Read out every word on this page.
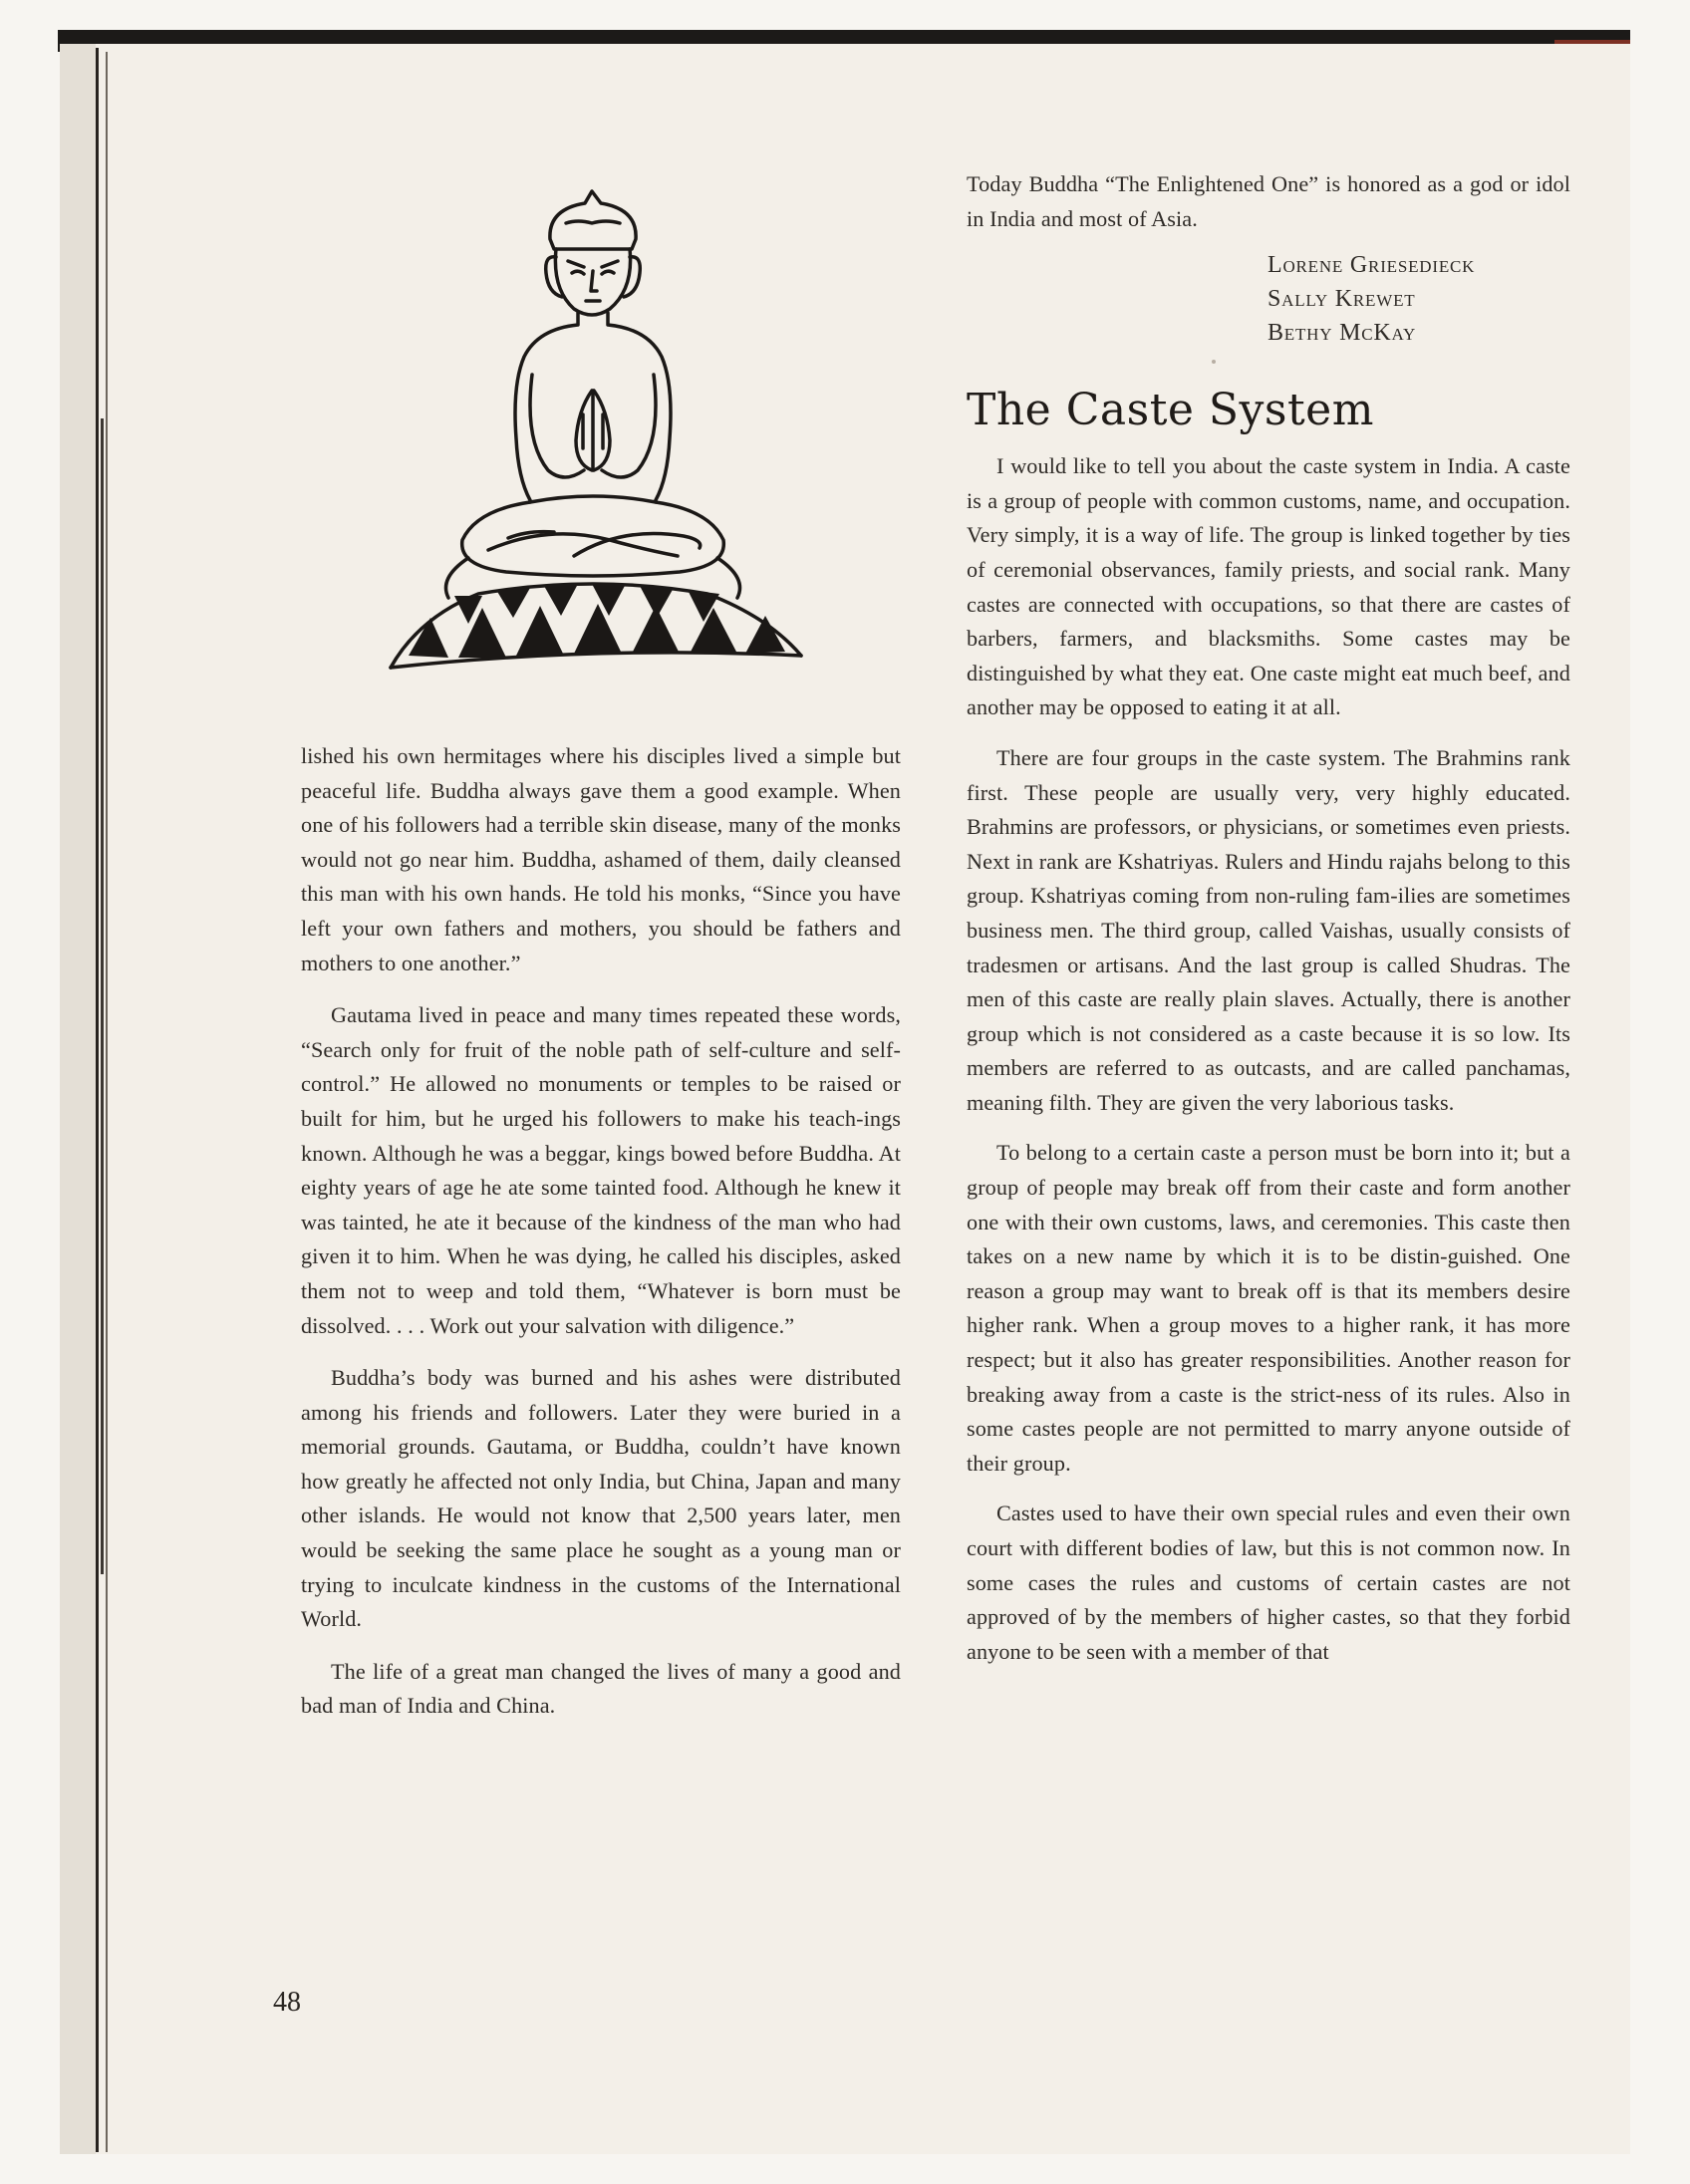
lished his own hermitages where his disciples lived a simple but peaceful life. Buddha always gave them a good example. When one of his followers had a terrible skin disease, many of the monks would not go near him. Buddha, ashamed of them, daily cleansed this man with his own hands. He told his monks, “Since you have left your own fathers and mothers, you should be fathers and mothers to one another.”

Gautama lived in peace and many times repeated these words, “Search only for fruit of the noble path of self-culture and self-control.” He allowed no monuments or temples to be raised or built for him, but he urged his followers to make his teach-ings known. Although he was a beggar, kings bowed before Buddha. At eighty years of age he ate some tainted food. Although he knew it was tainted, he ate it because of the kindness of the man who had given it to him. When he was dying, he called his disciples, asked them not to weep and told them, “Whatever is born must be dissolved. . . . Work out your salvation with diligence.”

Buddha’s body was burned and his ashes were distributed among his friends and followers. Later they were buried in a memorial grounds. Gautama, or Buddha, couldn’t have known how greatly he affected not only India, but China, Japan and many other islands. He would not know that 2,500 years later, men would be seeking the same place he sought as a young man or trying to inculcate kindness in the customs of the International World.

The life of a great man changed the lives of many a good and bad man of India and China.

Today Buddha “The Enlightened One” is honored as a god or idol in India and most of Asia.

Lorene Griesedieck
Sally Krewet
Bethy McKay
The Caste System

I would like to tell you about the caste system in India. A caste is a group of people with common customs, name, and occupation. Very simply, it is a way of life. The group is linked together by ties of ceremonial observances, family priests, and social rank. Many castes are connected with occupations, so that there are castes of barbers, farmers, and blacksmiths. Some castes may be distinguished by what they eat. One caste might eat much beef, and another may be opposed to eating it at all.

There are four groups in the caste system. The Brahmins rank first. These people are usually very, very highly educated. Brahmins are professors, or physicians, or sometimes even priests. Next in rank are Kshatriyas. Rulers and Hindu rajahs belong to this group. Kshatriyas coming from non-ruling fam-ilies are sometimes business men. The third group, called Vaishas, usually consists of tradesmen or artisans. And the last group is called Shudras. The men of this caste are really plain slaves. Actually, there is another group which is not considered as a caste because it is so low. Its members are referred to as outcasts, and are called panchamas, meaning filth. They are given the very laborious tasks.

To belong to a certain caste a person must be born into it; but a group of people may break off from their caste and form another one with their own customs, laws, and ceremonies. This caste then takes on a new name by which it is to be distin-guished. One reason a group may want to break off is that its members desire higher rank. When a group moves to a higher rank, it has more respect; but it also has greater responsibilities. Another reason for breaking away from a caste is the strict-ness of its rules. Also in some castes people are not permitted to marry anyone outside of their group.

Castes used to have their own special rules and even their own court with different bodies of law, but this is not common now. In some cases the rules and customs of certain castes are not approved of by the members of higher castes, so that they forbid anyone to be seen with a member of that

48
